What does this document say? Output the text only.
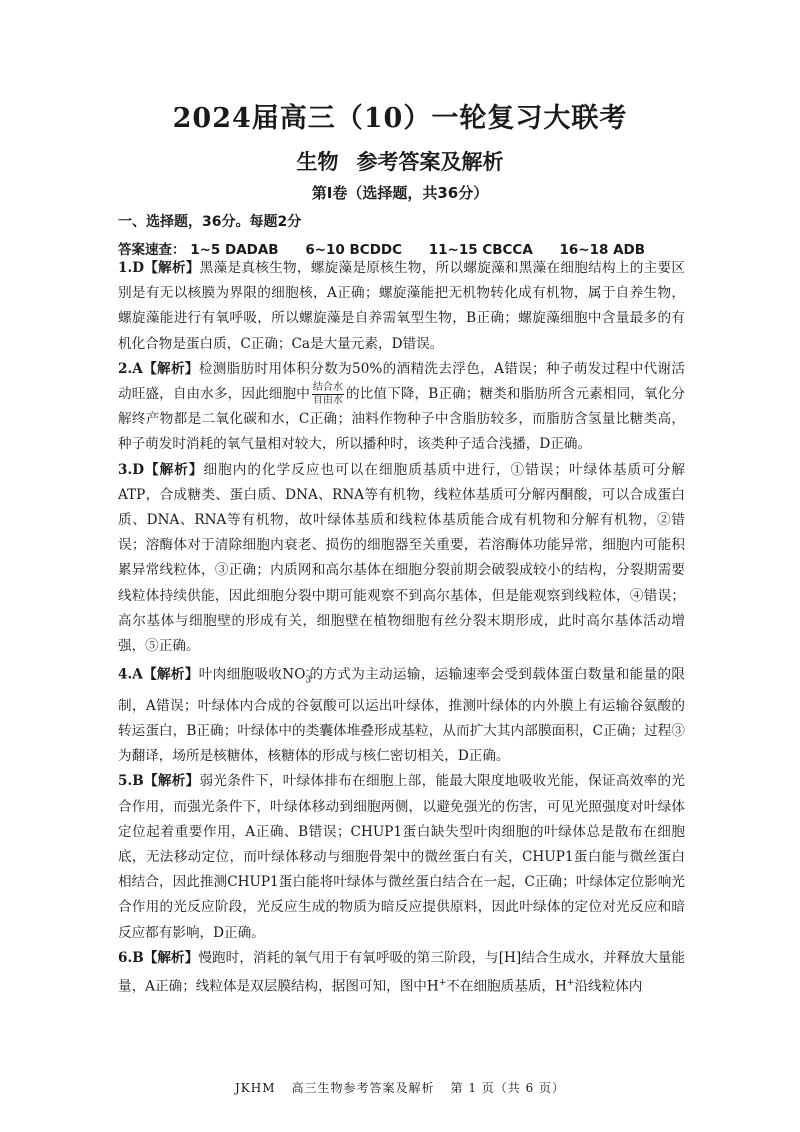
2024届高三（10）一轮复习大联考
生物 参考答案及解析
第Ⅰ卷（选择题，共36分）
一、选择题，36分。每题2分
答案速查： 1~5 DADAB 6~10 BCDDC 11~15 CBCCA 16~18 ADB

1.D【解析】黑藻是真核生物，螺旋藻是原核生物，所以螺旋藻和黑藻在细胞结构上的主要区别是有无以核膜为界限的细胞核，A正确；螺旋藻能把无机物转化成有机物，属于自养生物，螺旋藻能进行有氧呼吸，所以螺旋藻是自养需氧型生物，B正确；螺旋藻细胞中含量最多的有机化合物是蛋白质，C正确；Ca是大量元素，D错误。

2.A【解析】检测脂肪时用体积分数为50%的酒精洗去浮色，A错误；种子萌发过程中代谢活动旺盛，自由水多，因此细胞中 $\frac{\text{结合水}}{\text{自由水}}$ 的比值下降，B正确；糖类和脂肪所含元素相同，氧化分解终产物都是二氧化碳和水，C正确；油料作物种子中含脂肪较多，而脂肪含氢量比糖类高，种子萌发时消耗的氧气量相对较大，所以播种时，该类种子适合浅播，D正确。

3.D【解析】细胞内的化学反应也可以在细胞质基质中进行，①错误；叶绿体基质可分解ATP，合成糖类、蛋白质、DNA、RNA等有机物，线粒体基质可分解丙酮酸，可以合成蛋白质、DNA、RNA等有机物，故叶绿体基质和线粒体基质能合成有机物和分解有机物，②错误；溶酶体对于清除细胞内衰老、损伤的细胞器至关重要，若溶酶体功能异常，细胞内可能积累异常线粒体，③正确；内质网和高尔基体在细胞分裂前期会破裂成较小的结构，分裂期需要线粒体持续供能，因此细胞分裂中期可能观察不到高尔基体，但是能观察到线粒体，④错误；高尔基体与细胞壁的形成有关，细胞壁在植物细胞有丝分裂末期形成，此时高尔基体活动增强，⑤正确。

4.A【解析】叶肉细胞吸收$NO_3^-$的方式为主动运输，运输速率会受到载体蛋白数量和能量的限制，A错误；叶绿体内合成的谷氨酸可以运出叶绿体，推测叶绿体的内外膜上有运输谷氨酸的转运蛋白，B正确；叶绿体中的类囊体堆叠形成基粒，从而扩大其内部膜面积，C正确；过程③为翻译，场所是核糖体，核糖体的形成与核仁密切相关，D正确。

5.B【解析】弱光条件下，叶绿体排布在细胞上部，能最大限度地吸收光能，保证高效率的光合作用，而强光条件下，叶绿体移动到细胞两侧，以避免强光的伤害，可见光照强度对叶绿体定位起着重要作用，A正确、B错误；CHUP1蛋白缺失型叶肉细胞的叶绿体总是散布在细胞底，无法移动定位，而叶绿体移动与细胞骨架中的微丝蛋白有关，CHUP1蛋白能与微丝蛋白相结合，因此推测CHUP1蛋白能将叶绿体与微丝蛋白结合在一起，C正确；叶绿体定位影响光合作用的光反应阶段，光反应生成的物质为暗反应提供原料，因此叶绿体的定位对光反应和暗反应都有影响，D正确。

6.B【解析】慢跑时，消耗的氧气用于有氧呼吸的第三阶段，与[H]结合生成水，并释放大量能量，A正确；线粒体是双层膜结构，据图可知，图中H+不在细胞质基质，H+沿线粒体内

JKHM 高三生物参考答案及解析 第 1 页（共 6 页）
